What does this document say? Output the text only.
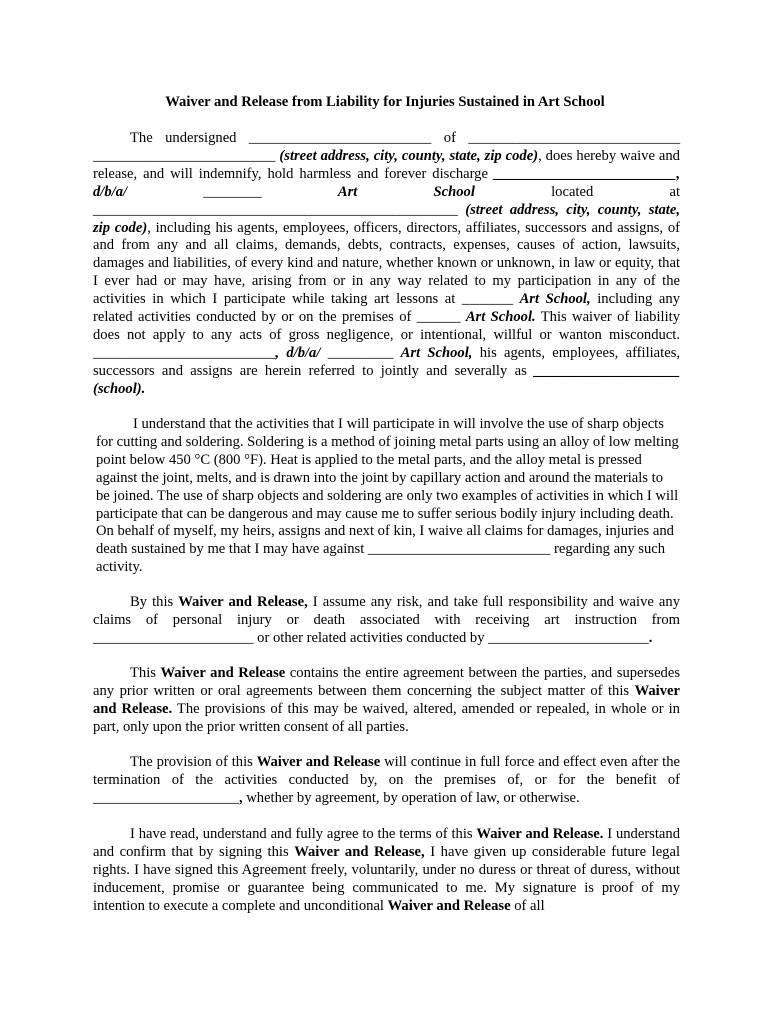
Waiver and Release from Liability for Injuries Sustained in Art School

The undersigned _________________________ of _____________________________ _________________________ (street address, city, county, state, zip code), does hereby waive and release, and will indemnify, hold harmless and forever discharge _________________________, d/b/a/ ________ Art School located at __________________________________________________ (street address, city, county, state, zip code), including his agents, employees, officers, directors, affiliates, successors and assigns, of and from any and all claims, demands, debts, contracts, expenses, causes of action, lawsuits, damages and liabilities, of every kind and nature, whether known or unknown, in law or equity, that I ever had or may have, arising from or in any way related to my participation in any of the activities in which I participate while taking art lessons at _______ Art School, including any related activities conducted by or on the premises of ______ Art School. This waiver of liability does not apply to any acts of gross negligence, or intentional, willful or wanton misconduct. _________________________, d/b/a/ _________ Art School, his agents, employees, affiliates, successors and assigns are herein referred to jointly and severally as ____________________ (school).

I understand that the activities that I will participate in will involve the use of sharp objects for cutting and soldering. Soldering is a method of joining metal parts using an alloy of low melting point below 450 °C (800 °F). Heat is applied to the metal parts, and the alloy metal is pressed against the joint, melts, and is drawn into the joint by capillary action and around the materials to be joined. The use of sharp objects and soldering are only two examples of activities in which I will participate that can be dangerous and may cause me to suffer serious bodily injury including death. On behalf of myself, my heirs, assigns and next of kin, I waive all claims for damages, injuries and death sustained by me that I may have against _________________________ regarding any such activity.

By this Waiver and Release, I assume any risk, and take full responsibility and waive any claims of personal injury or death associated with receiving art instruction from ______________________ or other related activities conducted by ______________________.

This Waiver and Release contains the entire agreement between the parties, and supersedes any prior written or oral agreements between them concerning the subject matter of this Waiver and Release. The provisions of this may be waived, altered, amended or repealed, in whole or in part, only upon the prior written consent of all parties.

The provision of this Waiver and Release will continue in full force and effect even after the termination of the activities conducted by, on the premises of, or for the benefit of ____________________, whether by agreement, by operation of law, or otherwise.

I have read, understand and fully agree to the terms of this Waiver and Release. I understand and confirm that by signing this Waiver and Release, I have given up considerable future legal rights. I have signed this Agreement freely, voluntarily, under no duress or threat of duress, without inducement, promise or guarantee being communicated to me. My signature is proof of my intention to execute a complete and unconditional Waiver and Release of all
